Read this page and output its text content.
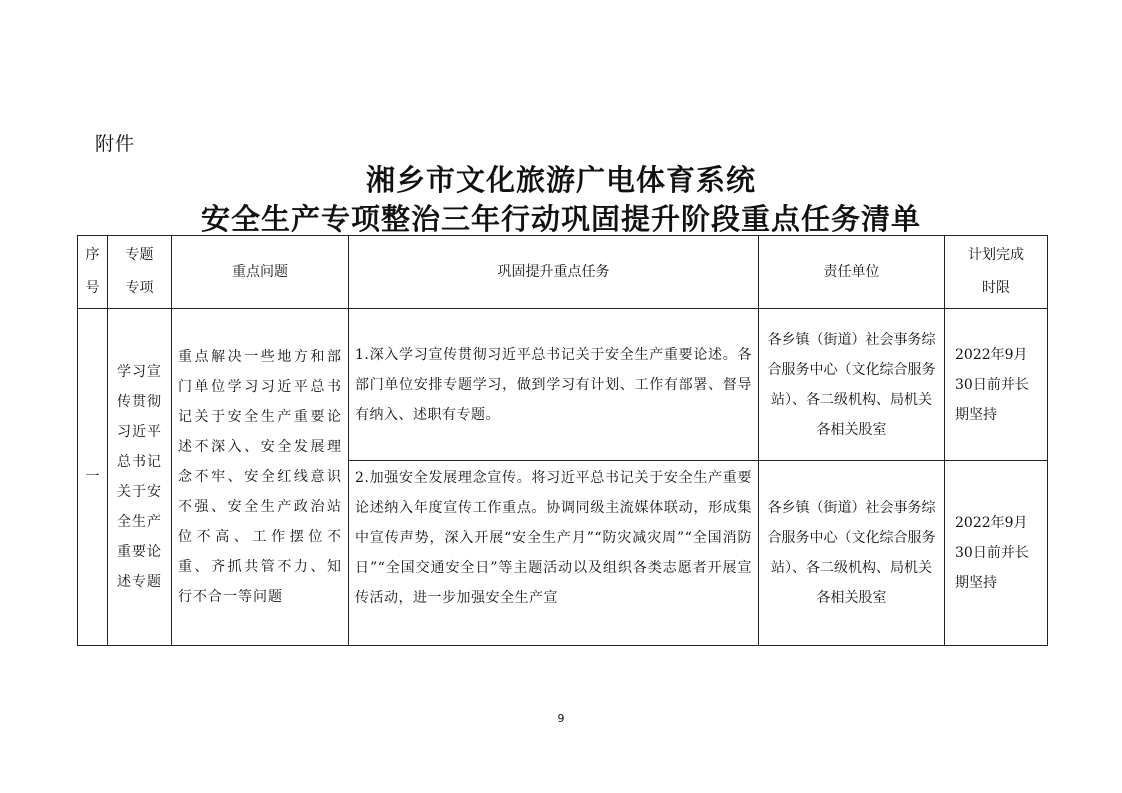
附件
湘乡市文化旅游广电体育系统
安全生产专项整治三年行动巩固提升阶段重点任务清单
序号	专题专项	重点问题	巩固提升重点任务	责任单位	计划完成时限
一	学习宣传贯彻习近平总书记关于安全生产重要论述专题	重点解决一些地方和部门单位学习习近平总书记关于安全生产重要论述不深入、安全发展理念不牢、安全红线意识不强、安全生产政治站位不高、工作摆位不重、齐抓共管不力、知行不合一等问题	1.深入学习宣传贯彻习近平总书记关于安全生产重要论述。各部门单位安排专题学习，做到学习有计划、工作有部署、督导有纳入、述职有专题。	各乡镇（街道）社会事务综合服务中心（文化综合服务站）、各二级机构、局机关各相关股室	2022年9月30日前并长期坚持

			2.加强安全发展理念宣传。将习近平总书记关于安全生产重要论述纳入年度宣传工作重点。协调同级主流媒体联动，形成集中宣传声势，深入开展“安全生产月”“防灾减灾周”“全国消防日”“全国交通安全日”等主题活动以及组织各类志愿者开展宣传活动，进一步加强安全生产宣	各乡镇（街道）社会事务综合服务中心（文化综合服务站）、各二级机构、局机关各相关股室	2022年9月30日前并长期坚持
9
